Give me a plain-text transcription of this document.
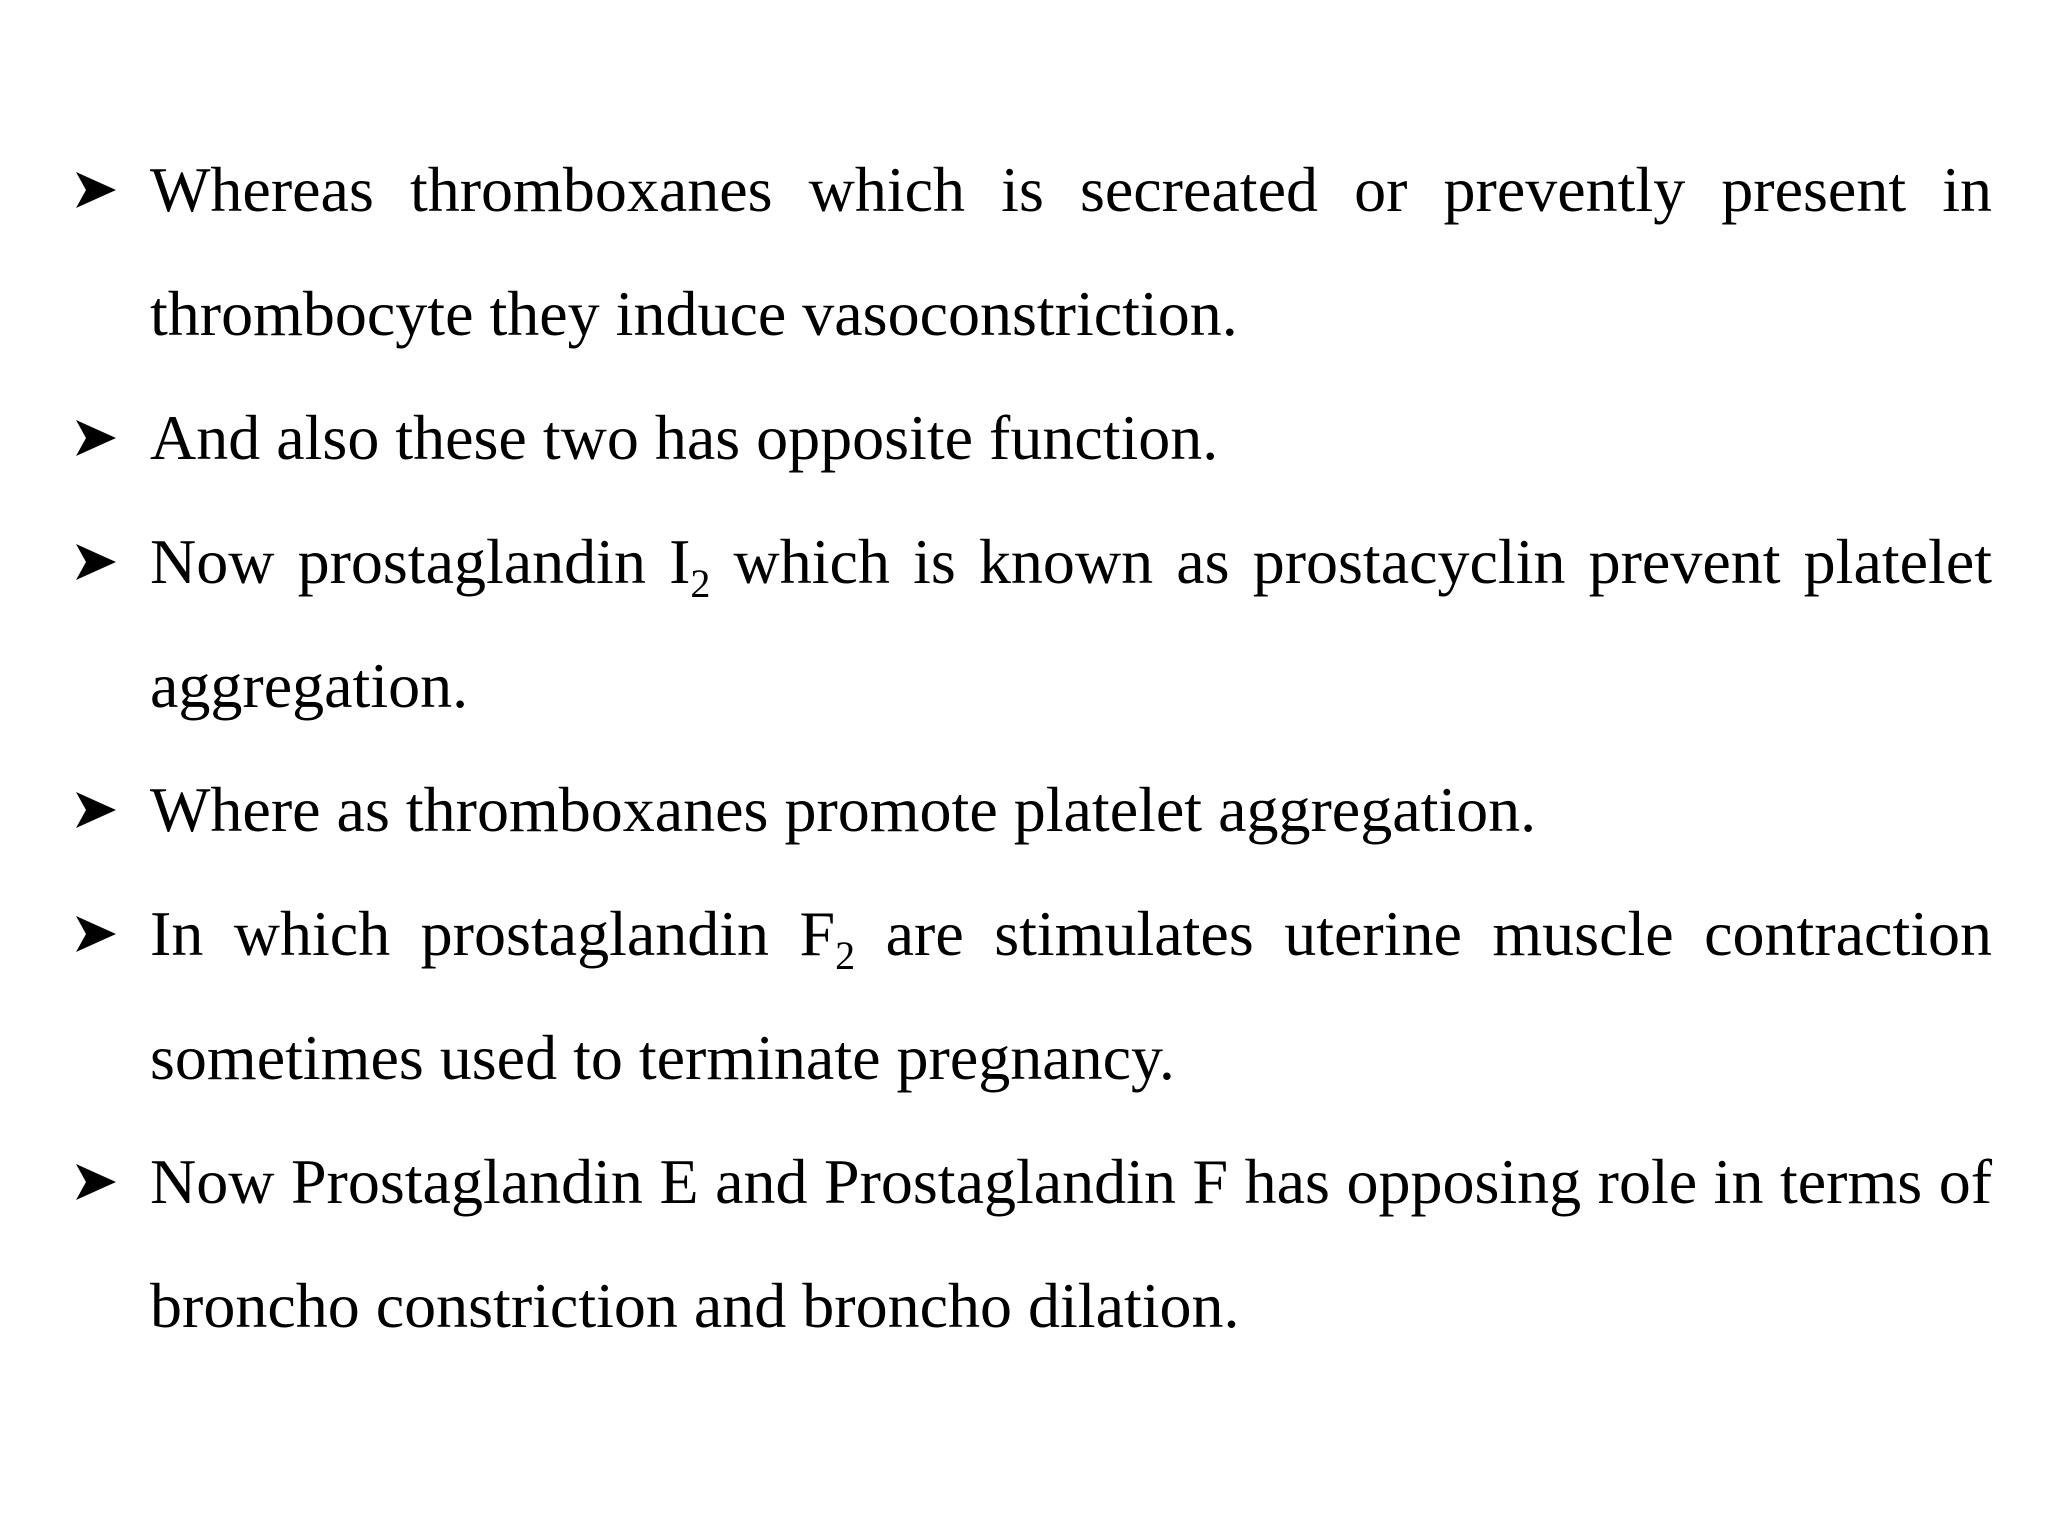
Whereas thromboxanes which is secreated or prevently present in thrombocyte they induce vasoconstriction.
And also these two has opposite function.
Now prostaglandin $I_2$ which is known as prostacyclin prevent platelet aggregation.
Where as thromboxanes promote platelet aggregation.
In which prostaglandin $F_2$ are stimulates uterine muscle contraction sometimes used to terminate pregnancy.
Now Prostaglandin E and Prostaglandin F has opposing role in terms of broncho constriction and broncho dilation.
